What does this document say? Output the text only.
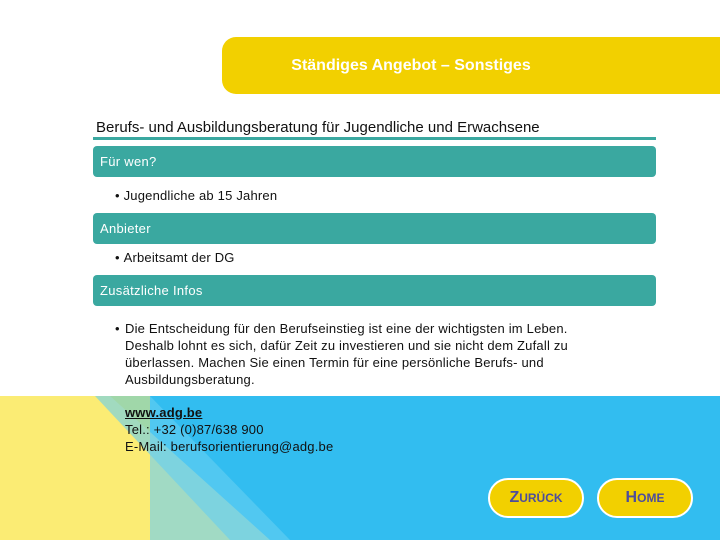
Ständiges Angebot – Sonstiges
Berufs- und Ausbildungsberatung für Jugendliche und Erwachsene
Für wen?
• Jugendliche ab 15 Jahren
Anbieter
• Arbeitsamt der DG
Zusätzliche Infos
• Die Entscheidung für den Berufseinstieg ist eine der wichtigsten im Leben. Deshalb lohnt es sich, dafür Zeit zu investieren und sie nicht dem Zufall zu überlassen. Machen Sie einen Termin für eine persönliche Berufs- und Ausbildungsberatung.
www.adg.be
Tel.: +32 (0)87/638 900
E-Mail: berufsorientierung@adg.be
Z URÜCK	H OME
